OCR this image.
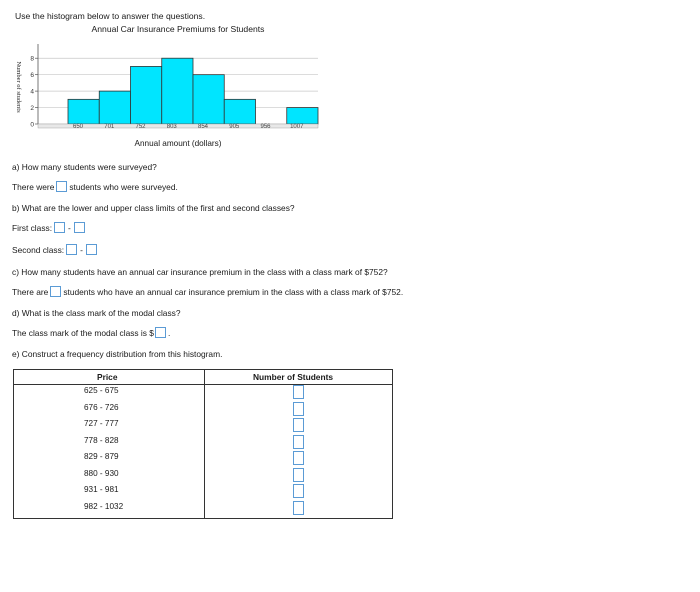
Use the histogram below to answer the questions.
Annual Car Insurance Premiums for Students
0
2
4
6
8
650	701	752	803	854	905	956	1007
Annual amount (dollars)
Number of students
a) How many students were surveyed?
There were students who were surveyed.
b) What are the lower and upper class limits of the first and second classes?
First class: -
Second class: -
c) How many students have an annual car insurance premium in the class with a class mark of $752?
There are students who have an annual car insurance premium in the class with a class mark of $752.
d) What is the class mark of the modal class?
The class mark of the modal class is $ .
e) Construct a frequency distribution from this histogram.
Price	Number of Students
625 - 675
676 - 726
727 - 777
778 - 828
829 - 879
880 - 930
931 - 981
982 - 1032
